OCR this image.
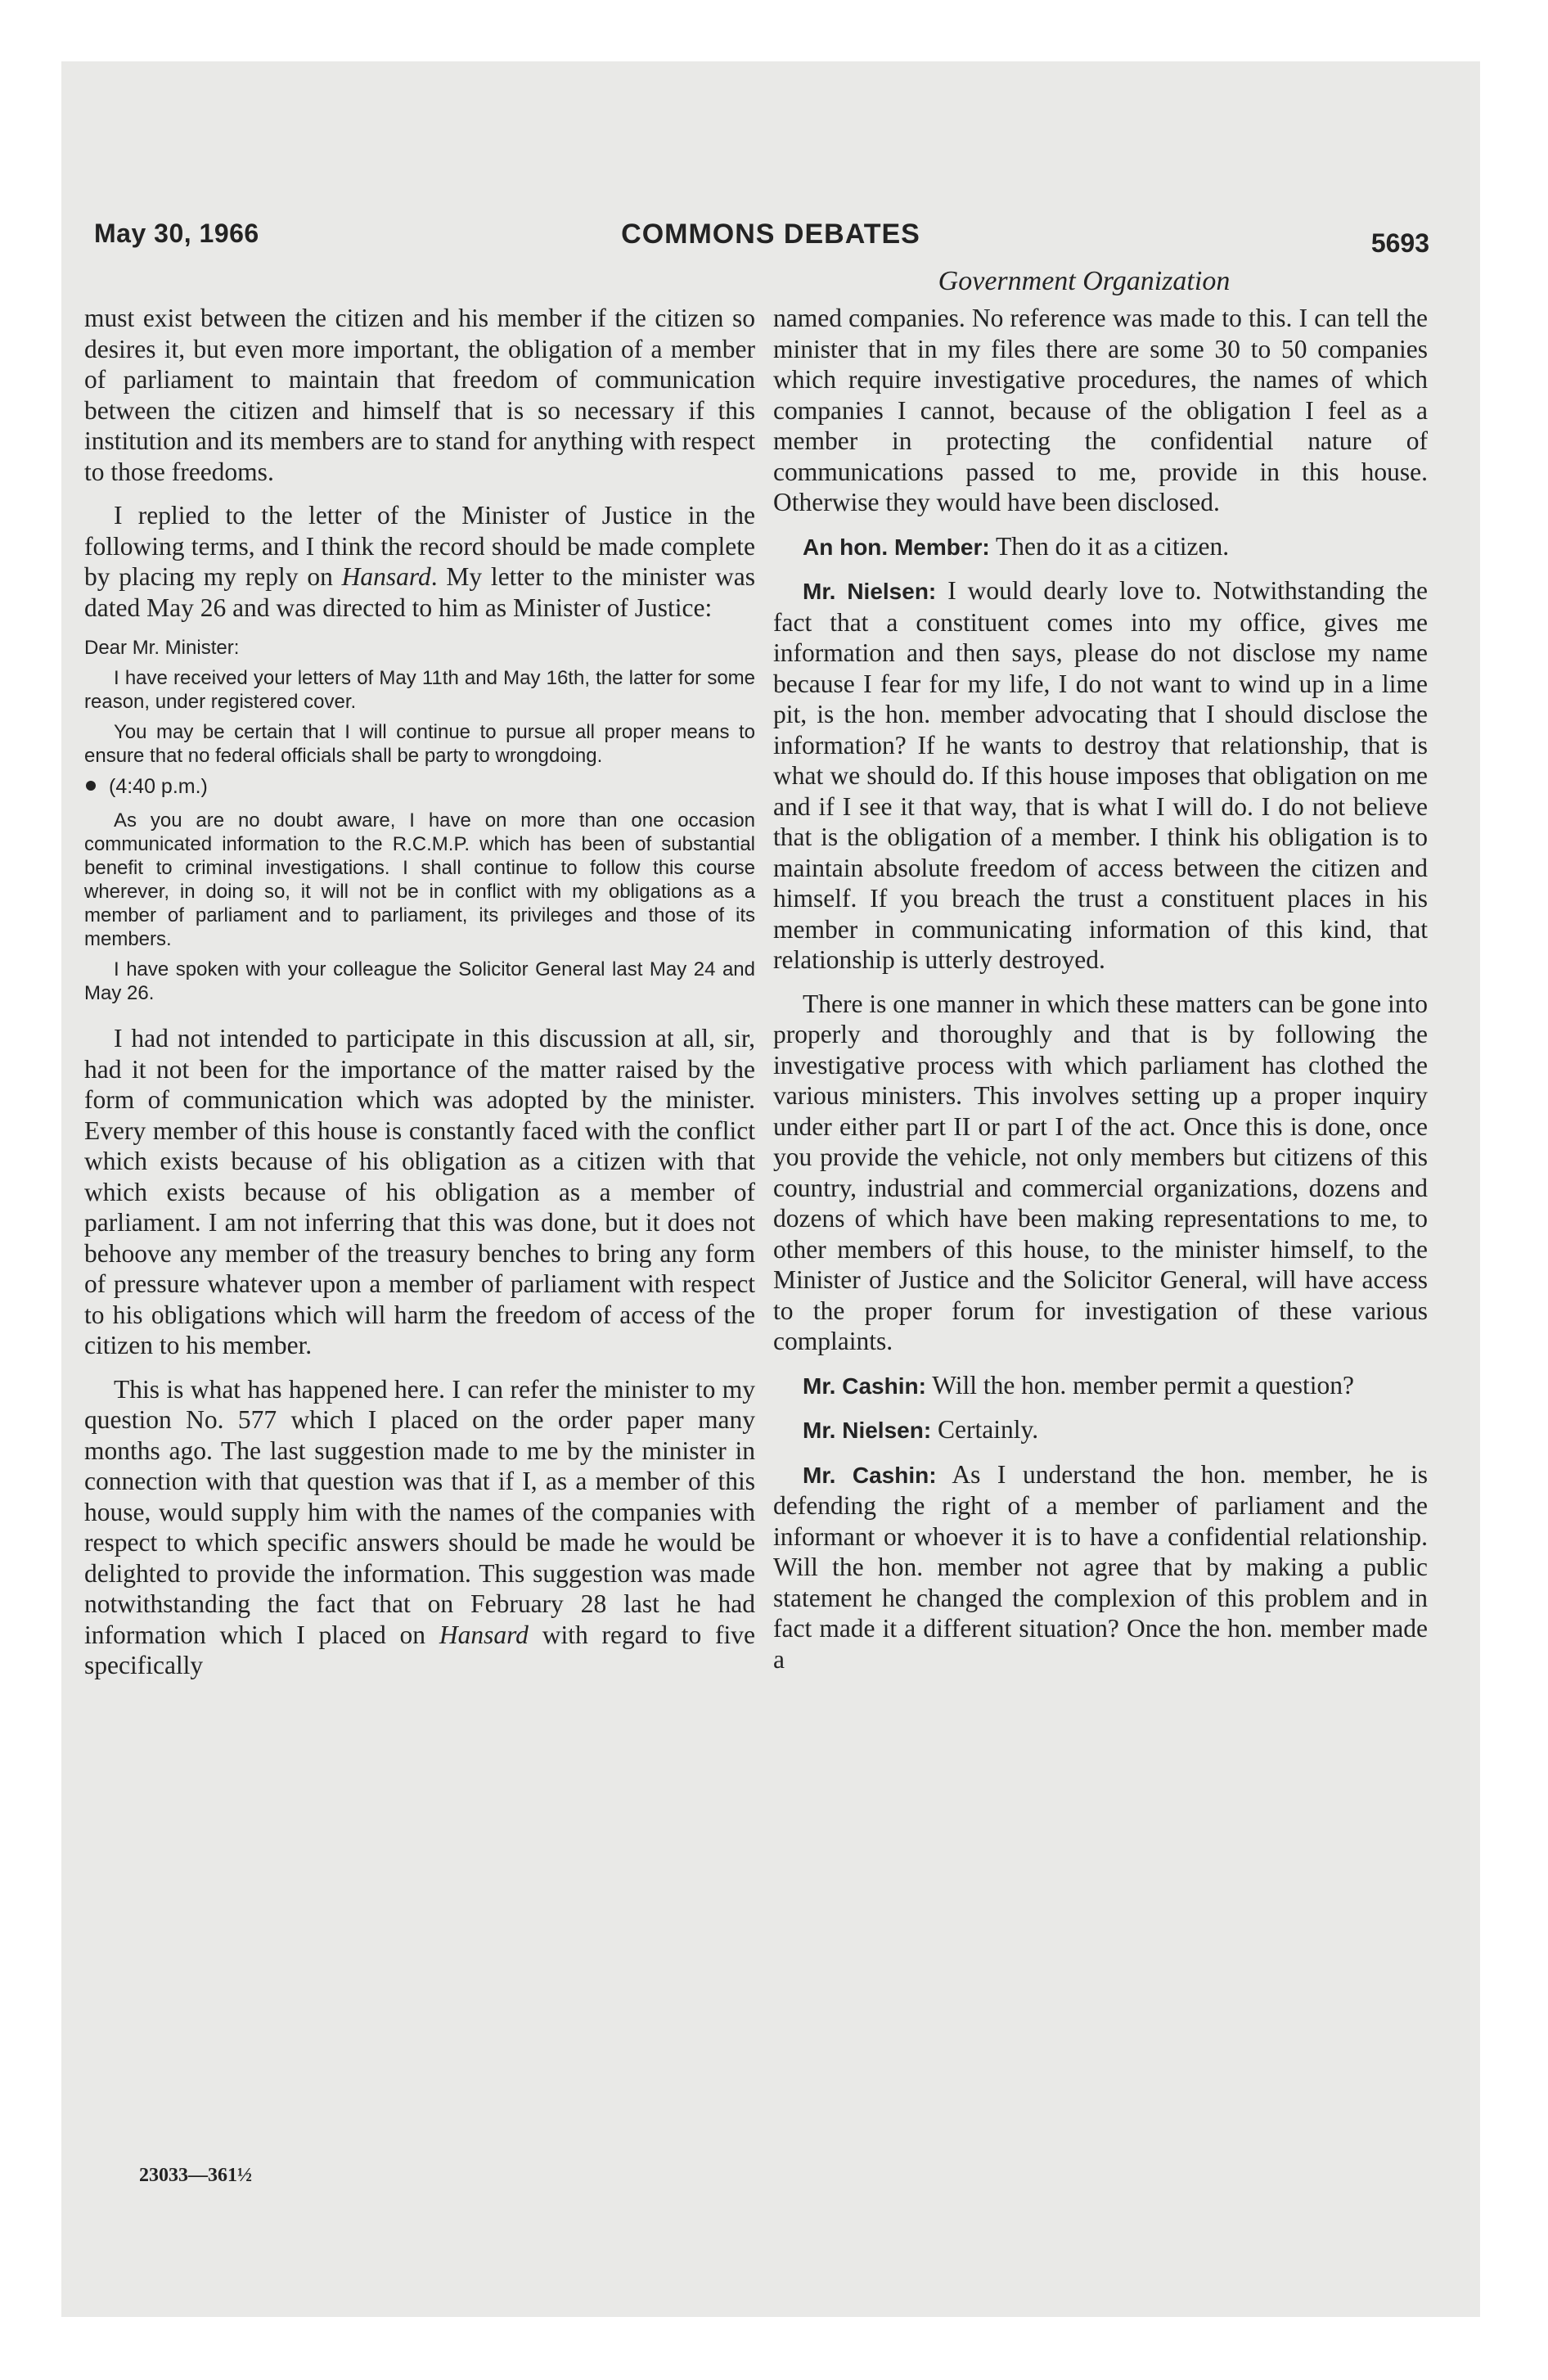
May 30, 1966	COMMONS DEBATES	5693
Government Organization

must exist between the citizen and his member if the citizen so desires it, but even more important, the obligation of a member of parliament to maintain that freedom of communication between the citizen and himself that is so necessary if this institution and its members are to stand for anything with respect to those freedoms.

I replied to the letter of the Minister of Justice in the following terms, and I think the record should be made complete by placing my reply on Hansard. My letter to the minister was dated May 26 and was directed to him as Minister of Justice:

Dear Mr. Minister:

I have received your letters of May 11th and May 16th, the latter for some reason, under registered cover.

You may be certain that I will continue to pursue all proper means to ensure that no federal officials shall be party to wrongdoing.

(4:40 p.m.)

As you are no doubt aware, I have on more than one occasion communicated information to the R.C.M.P. which has been of substantial benefit to criminal investigations. I shall continue to follow this course wherever, in doing so, it will not be in conflict with my obligations as a member of parliament and to parliament, its privileges and those of its members.

I have spoken with your colleague the Solicitor General last May 24 and May 26.

I had not intended to participate in this discussion at all, sir, had it not been for the importance of the matter raised by the form of communication which was adopted by the minister. Every member of this house is constantly faced with the conflict which exists because of his obligation as a citizen with that which exists because of his obligation as a member of parliament. I am not inferring that this was done, but it does not behoove any member of the treasury benches to bring any form of pressure whatever upon a member of parliament with respect to his obligations which will harm the freedom of access of the citizen to his member.

This is what has happened here. I can refer the minister to my question No. 577 which I placed on the order paper many months ago. The last suggestion made to me by the minister in connection with that question was that if I, as a member of this house, would supply him with the names of the companies with respect to which specific answers should be made he would be delighted to provide the information. This suggestion was made notwithstanding the fact that on February 28 last he had information which I placed on Hansard with regard to five specifically

named companies. No reference was made to this. I can tell the minister that in my files there are some 30 to 50 companies which require investigative procedures, the names of which companies I cannot, because of the obligation I feel as a member in protecting the confidential nature of communications passed to me, provide in this house. Otherwise they would have been disclosed.

An hon. Member: Then do it as a citizen.

Mr. Nielsen: I would dearly love to. Notwithstanding the fact that a constituent comes into my office, gives me information and then says, please do not disclose my name because I fear for my life, I do not want to wind up in a lime pit, is the hon. member advocating that I should disclose the information? If he wants to destroy that relationship, that is what we should do. If this house imposes that obligation on me and if I see it that way, that is what I will do. I do not believe that is the obligation of a member. I think his obligation is to maintain absolute freedom of access between the citizen and himself. If you breach the trust a constituent places in his member in communicating information of this kind, that relationship is utterly destroyed.

There is one manner in which these matters can be gone into properly and thoroughly and that is by following the investigative process with which parliament has clothed the various ministers. This involves setting up a proper inquiry under either part II or part I of the act. Once this is done, once you provide the vehicle, not only members but citizens of this country, industrial and commercial organizations, dozens and dozens of which have been making representations to me, to other members of this house, to the minister himself, to the Minister of Justice and the Solicitor General, will have access to the proper forum for investigation of these various complaints.

Mr. Cashin: Will the hon. member permit a question?

Mr. Nielsen: Certainly.

Mr. Cashin: As I understand the hon. member, he is defending the right of a member of parliament and the informant or whoever it is to have a confidential relationship. Will the hon. member not agree that by making a public statement he changed the complexion of this problem and in fact made it a different situation? Once the hon. member made a

23033—361½
